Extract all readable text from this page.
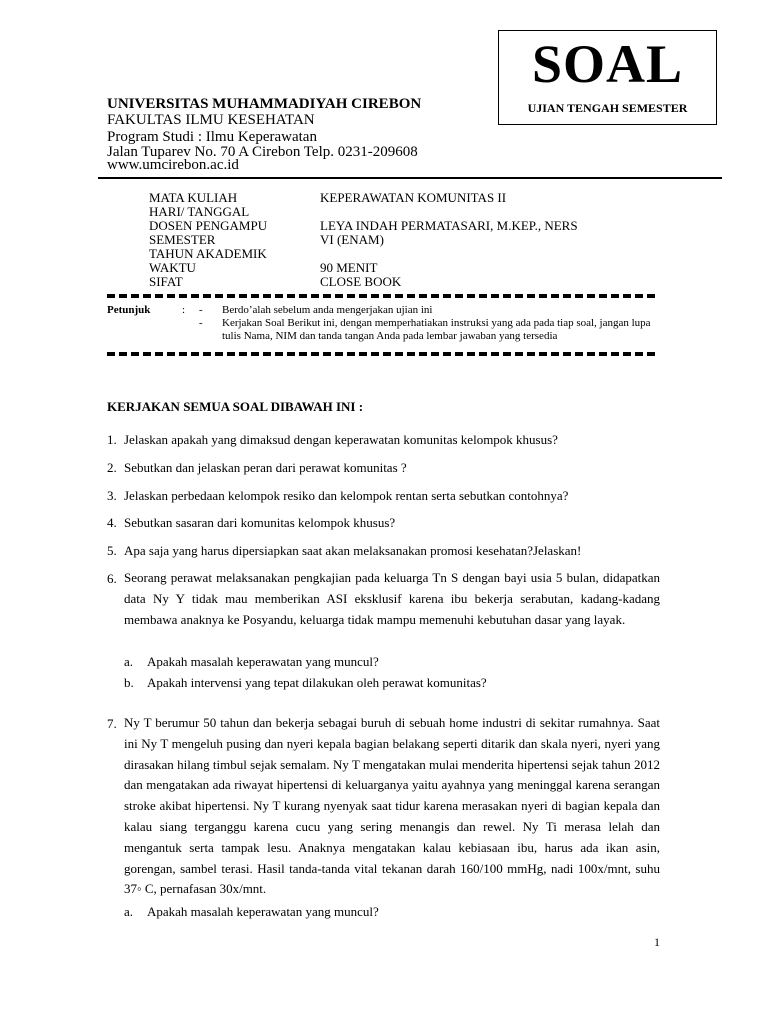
SOAL
UJIAN TENGAH SEMESTER
UNIVERSITAS MUHAMMADIYAH CIREBON
FAKULTAS ILMU KESEHATAN
Program Studi : Ilmu Keperawatan
Jalan Tuparev No. 70 A Cirebon Telp. 0231-209608
www.umcirebon.ac.id
MATA KULIAH	KEPERAWATAN KOMUNITAS II
HARI/ TANGGAL
DOSEN PENGAMPU	LEYA INDAH PERMATASARI, M.KEP., NERS
SEMESTER	VI (ENAM)
TAHUN AKADEMIK
WAKTU	90 MENIT
SIFAT	CLOSE BOOK
Petunjuk	: - Berdo’alah sebelum anda mengerjakan ujian ini
- Kerjakan Soal Berikut ini, dengan memperhatiakan instruksi yang ada pada tiap soal, jangan lupa tulis Nama, NIM dan tanda tangan Anda pada lembar jawaban yang tersedia
KERJAKAN SEMUA SOAL DIBAWAH INI :
1. Jelaskan apakah yang dimaksud dengan keperawatan komunitas kelompok khusus?
2. Sebutkan dan jelaskan peran dari perawat komunitas ?
3. Jelaskan perbedaan kelompok resiko dan kelompok rentan serta sebutkan contohnya?
4. Sebutkan sasaran dari komunitas kelompok khusus?
5. Apa saja yang harus dipersiapkan saat akan melaksanakan promosi kesehatan?Jelaskan!
6. Seorang perawat melaksanakan pengkajian pada keluarga Tn S dengan bayi usia 5 bulan, didapatkan data Ny Y tidak mau memberikan ASI eksklusif karena ibu bekerja serabutan, kadang-kadang membawa anaknya ke Posyandu, keluarga tidak mampu memenuhi kebutuhan dasar yang layak.
a. Apakah masalah keperawatan yang muncul?
b. Apakah intervensi yang tepat dilakukan oleh perawat komunitas?
7. Ny T berumur 50 tahun dan bekerja sebagai buruh di sebuah home industri di sekitar rumahnya. Saat ini Ny T mengeluh pusing dan nyeri kepala bagian belakang seperti ditarik dan skala nyeri, nyeri yang dirasakan hilang timbul sejak semalam. Ny T mengatakan mulai menderita hipertensi sejak tahun 2012 dan mengatakan ada riwayat hipertensi di keluarganya yaitu ayahnya yang meninggal karena serangan stroke akibat hipertensi. Ny T kurang nyenyak saat tidur karena merasakan nyeri di bagian kepala dan kalau siang terganggu karena cucu yang sering menangis dan rewel. Ny Ti merasa lelah dan mengantuk serta tampak lesu. Anaknya mengatakan kalau kebiasaan ibu, harus ada ikan asin, gorengan, sambel terasi. Hasil tanda-tanda vital tekanan darah 160/100 mmHg, nadi 100x/mnt, suhu 37◦ C, pernafasan 30x/mnt.
a. Apakah masalah keperawatan yang muncul?
1
